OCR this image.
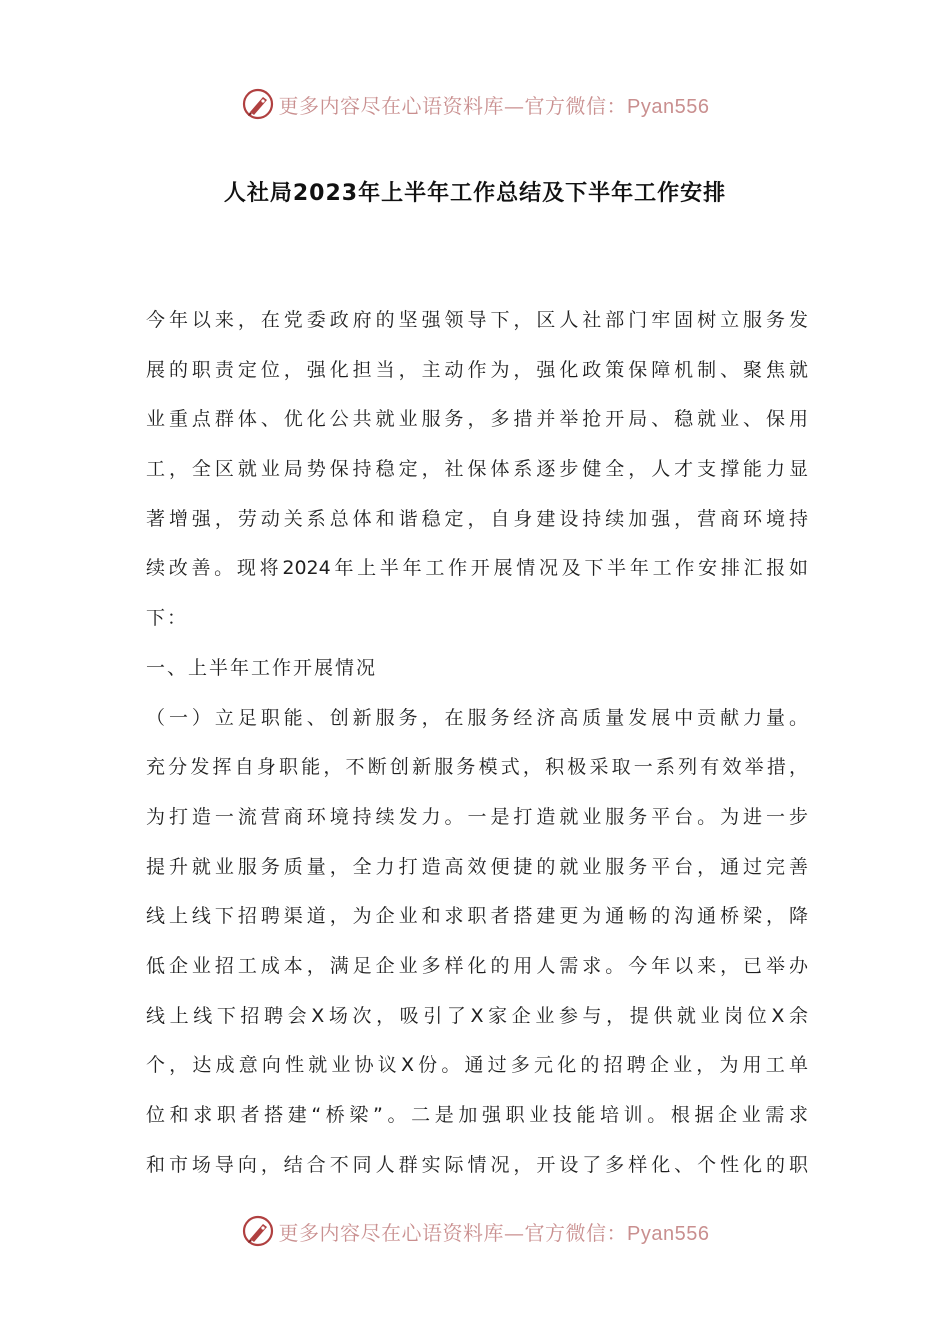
更多内容尽在心语资料库—官方微信：Pyan556
人社局2023年上半年工作总结及下半年工作安排
今年以来，在党委政府的坚强领导下，区人社部门牢固树立服务发
展的职责定位，强化担当，主动作为，强化政策保障机制、聚焦就
业重点群体、优化公共就业服务，多措并举抢开局、稳就业、保用
工，全区就业局势保持稳定，社保体系逐步健全，人才支撑能力显
著增强，劳动关系总体和谐稳定，自身建设持续加强，营商环境持
续改善。现将2024年上半年工作开展情况及下半年工作安排汇报如
下：
一、上半年工作开展情况
（一）立足职能、创新服务，在服务经济高质量发展中贡献力量。
充分发挥自身职能，不断创新服务模式，积极采取一系列有效举措，
为打造一流营商环境持续发力。一是打造就业服务平台。为进一步
提升就业服务质量，全力打造高效便捷的就业服务平台，通过完善
线上线下招聘渠道，为企业和求职者搭建更为通畅的沟通桥梁，降
低企业招工成本，满足企业多样化的用人需求。今年以来，已举办
线上线下招聘会X场次，吸引了X家企业参与，提供就业岗位X余
个，达成意向性就业协议X份。通过多元化的招聘企业，为用工单
位和求职者搭建“桥梁”。二是加强职业技能培训。根据企业需求
和市场导向，结合不同人群实际情况，开设了多样化、个性化的职
更多内容尽在心语资料库—官方微信：Pyan556
